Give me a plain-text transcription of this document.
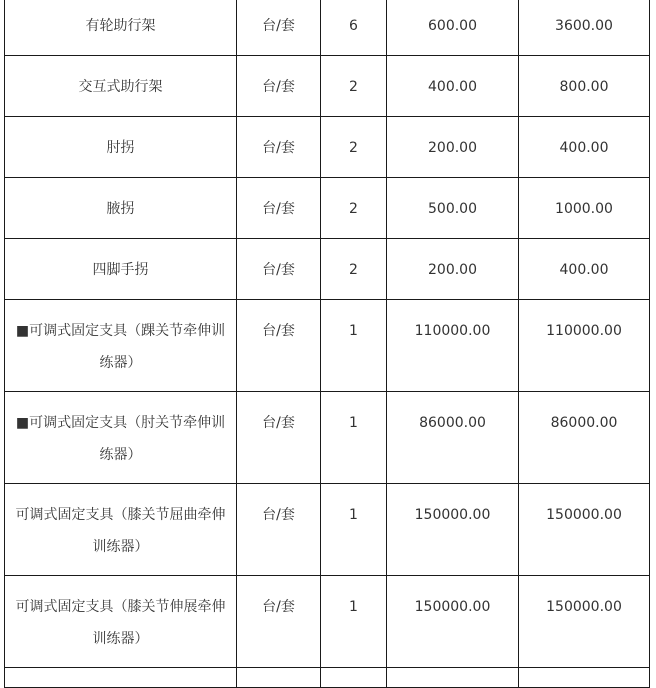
有轮助行架	台/套	6	600.00	3600.00
交互式助行架	台/套	2	400.00	800.00
肘拐	台/套	2	200.00	400.00
腋拐	台/套	2	500.00	1000.00
四脚手拐	台/套	2	200.00	400.00
■可调式固定支具（踝关节牵伸训练器）	台/套	1	110000.00	110000.00
■可调式固定支具（肘关节牵伸训练器）	台/套	1	86000.00	86000.00
可调式固定支具（膝关节屈曲牵伸训练器）	台/套	1	150000.00	150000.00
可调式固定支具（膝关节伸展牵伸训练器）	台/套	1	150000.00	150000.00
